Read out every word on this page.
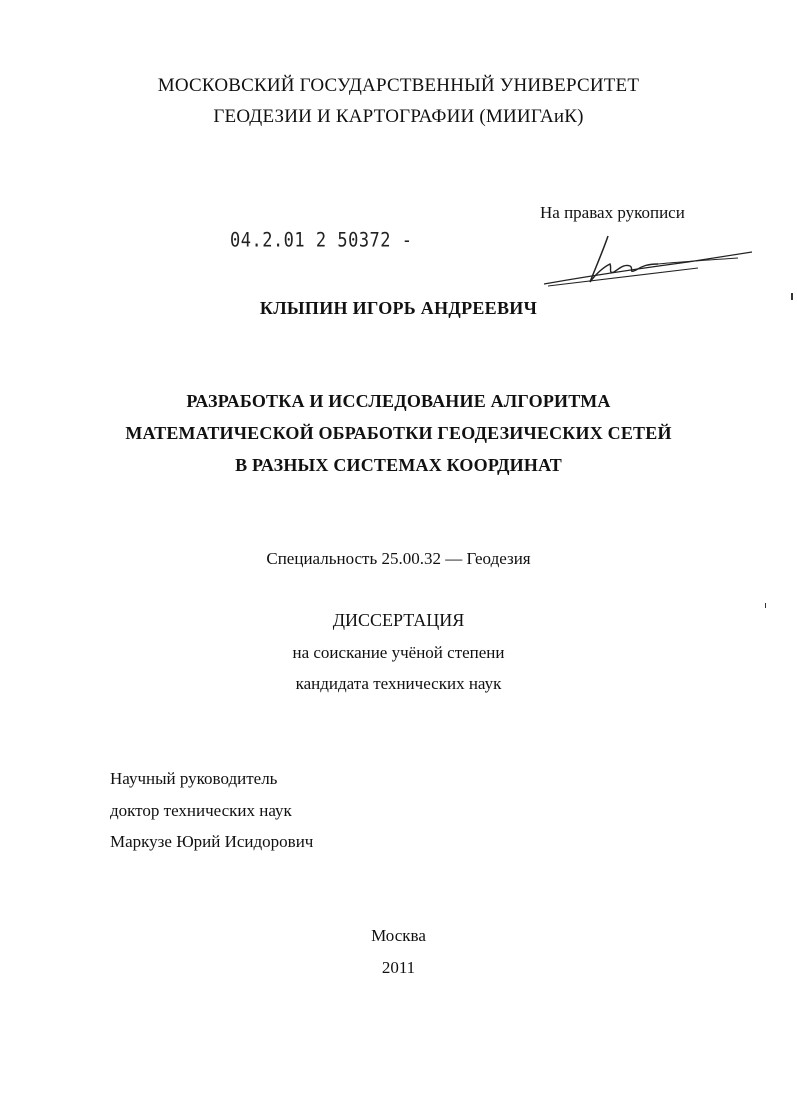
МОСКОВСКИЙ ГОСУДАРСТВЕННЫЙ УНИВЕРСИТЕТ
ГЕОДЕЗИИ И КАРТОГРАФИИ (МИИГАиК)
На правах рукописи
04.2.01 2 50372 -
КЛЫПИН ИГОРЬ АНДРЕЕВИЧ
РАЗРАБОТКА И ИССЛЕДОВАНИЕ АЛГОРИТМА
МАТЕМАТИЧЕСКОЙ ОБРАБОТКИ ГЕОДЕЗИЧЕСКИХ СЕТЕЙ
В РАЗНЫХ СИСТЕМАХ КООРДИНАТ
Специальность 25.00.32 — Геодезия
ДИССЕРТАЦИЯ
на соискание учёной степени
кандидата технических наук
Научный руководитель
доктор технических наук
Маркузе Юрий Исидорович
Москва
2011
